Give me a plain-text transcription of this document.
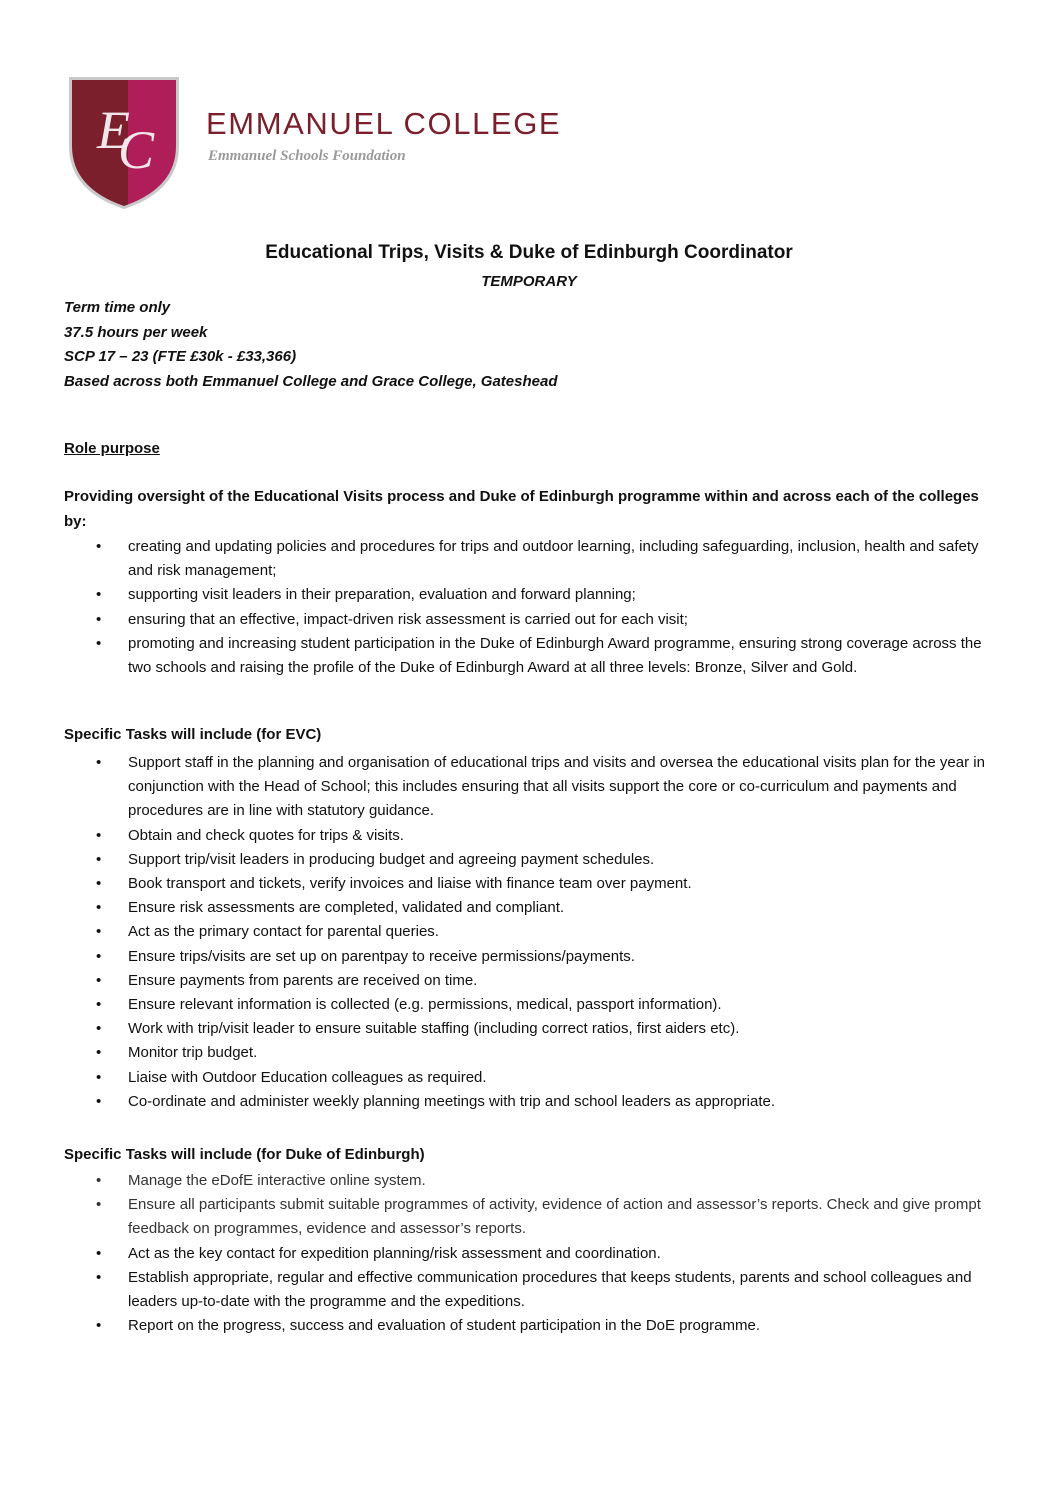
E
C EMMANUEL COLLEGE
Emmanuel Schools Foundation
Educational Trips, Visits & Duke of Edinburgh Coordinator
TEMPORARY
Term time only
37.5 hours per week
SCP 17 – 23 (FTE £30k - £33,366)
Based across both Emmanuel College and Grace College, Gateshead
Role purpose
Providing oversight of the Educational Visits process and Duke of Edinburgh programme within and across each of the colleges by:
• creating and updating policies and procedures for trips and outdoor learning, including safeguarding, inclusion, health and safety and risk management;
• supporting visit leaders in their preparation, evaluation and forward planning;
• ensuring that an effective, impact-driven risk assessment is carried out for each visit;
• promoting and increasing student participation in the Duke of Edinburgh Award programme, ensuring strong coverage across the two schools and raising the profile of the Duke of Edinburgh Award at all three levels: Bronze, Silver and Gold.
Specific Tasks will include (for EVC)
• Support staff in the planning and organisation of educational trips and visits and oversea the educational visits plan for the year in conjunction with the Head of School; this includes ensuring that all visits support the core or co-curriculum and payments and procedures are in line with statutory guidance.
• Obtain and check quotes for trips & visits.
• Support trip/visit leaders in producing budget and agreeing payment schedules.
• Book transport and tickets, verify invoices and liaise with finance team over payment.
• Ensure risk assessments are completed, validated and compliant.
• Act as the primary contact for parental queries.
• Ensure trips/visits are set up on parentpay to receive permissions/payments.
• Ensure payments from parents are received on time.
• Ensure relevant information is collected (e.g. permissions, medical, passport information).
• Work with trip/visit leader to ensure suitable staffing (including correct ratios, first aiders etc).
• Monitor trip budget.
• Liaise with Outdoor Education colleagues as required.
• Co-ordinate and administer weekly planning meetings with trip and school leaders as appropriate.
Specific Tasks will include (for Duke of Edinburgh)
• Manage the eDofE interactive online system.
• Ensure all participants submit suitable programmes of activity, evidence of action and assessor’s reports. Check and give prompt feedback on programmes, evidence and assessor’s reports.
• Act as the key contact for expedition planning/risk assessment and coordination.
• Establish appropriate, regular and effective communication procedures that keeps students, parents and school colleagues and leaders up-to-date with the programme and the expeditions.
• Report on the progress, success and evaluation of student participation in the DoE programme.
